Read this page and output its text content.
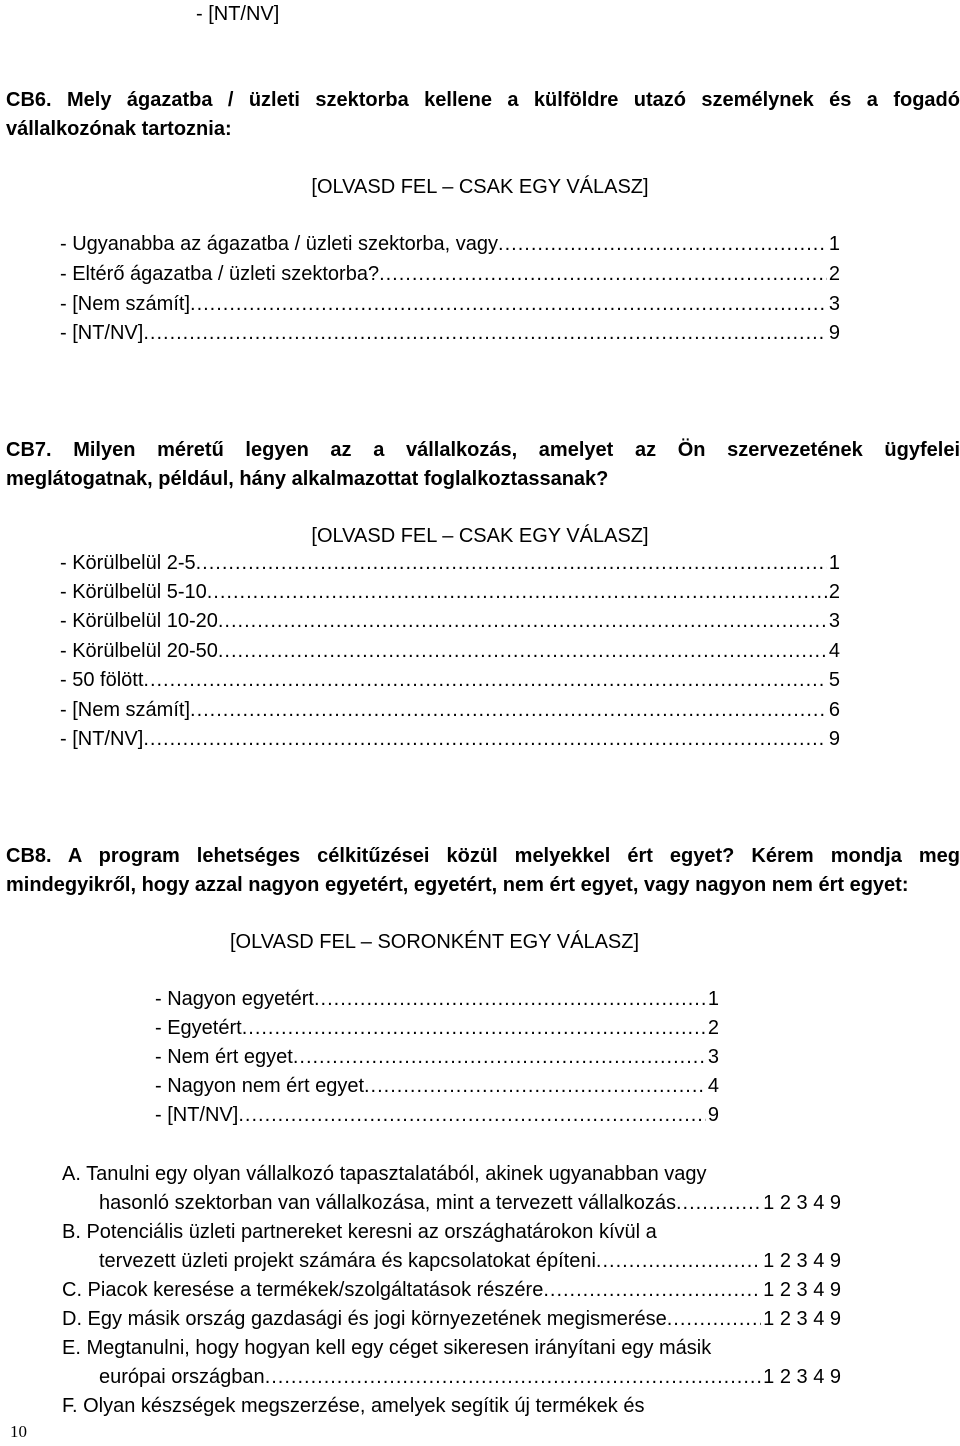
- [NT/NV]
CB6. Mely ágazatba / üzleti szektorba kellene a külföldre utazó személynek és a fogadó
vállalkozónak tartoznia:
[OLVASD FEL – CSAK EGY VÁLASZ]
- Ugyanabba az ágazatba / üzleti szektorba, vagy .....	1
- Eltérő ágazatba / üzleti szektorba? .....	2
- [Nem számít] .....	3
- [NT/NV] .....	9
CB7. Milyen méretű legyen az a vállalkozás, amelyet az Ön szervezetének ügyfelei
meglátogatnak, például, hány alkalmazottat foglalkoztassanak?
[OLVASD FEL – CSAK EGY VÁLASZ]
- Körülbelül 2-5 .....	1
- Körülbelül 5-10 .....	2
- Körülbelül 10-20 .....	3
- Körülbelül 20-50 .....	4
- 50 fölött .....	5
- [Nem számít] .....	6
- [NT/NV] .....	9
CB8. A program lehetséges célkitűzései közül melyekkel ért egyet? Kérem mondja meg
mindegyikről, hogy azzal nagyon egyetért, egyetért, nem ért egyet, vagy nagyon nem ért egyet:
[OLVASD FEL – SORONKÉNT EGY VÁLASZ]
- Nagyon egyetért .....	1
- Egyetért .....	2
- Nem ért egyet .....	3
- Nagyon nem ért egyet .....	4
- [NT/NV] .....	9
A. Tanulni egy olyan vállalkozó tapasztalatából, akinek ugyanabban vagy
hasonló szektorban van vállalkozása, mint a tervezett vállalkozás .....	1 2 3 4 9
B. Potenciális üzleti partnereket keresni az országhatárokon kívül a
tervezett üzleti projekt számára és kapcsolatokat építeni .....	1 2 3 4 9
C. Piacok keresése a termékek/szolgáltatások részére .....	1 2 3 4 9
D. Egy másik ország gazdasági és jogi környezetének megismerése .....	1 2 3 4 9
E. Megtanulni, hogy hogyan kell egy céget sikeresen irányítani egy másik
európai országban .....	1 2 3 4 9
F. Olyan készségek megszerzése, amelyek segítik új termékek és
10
